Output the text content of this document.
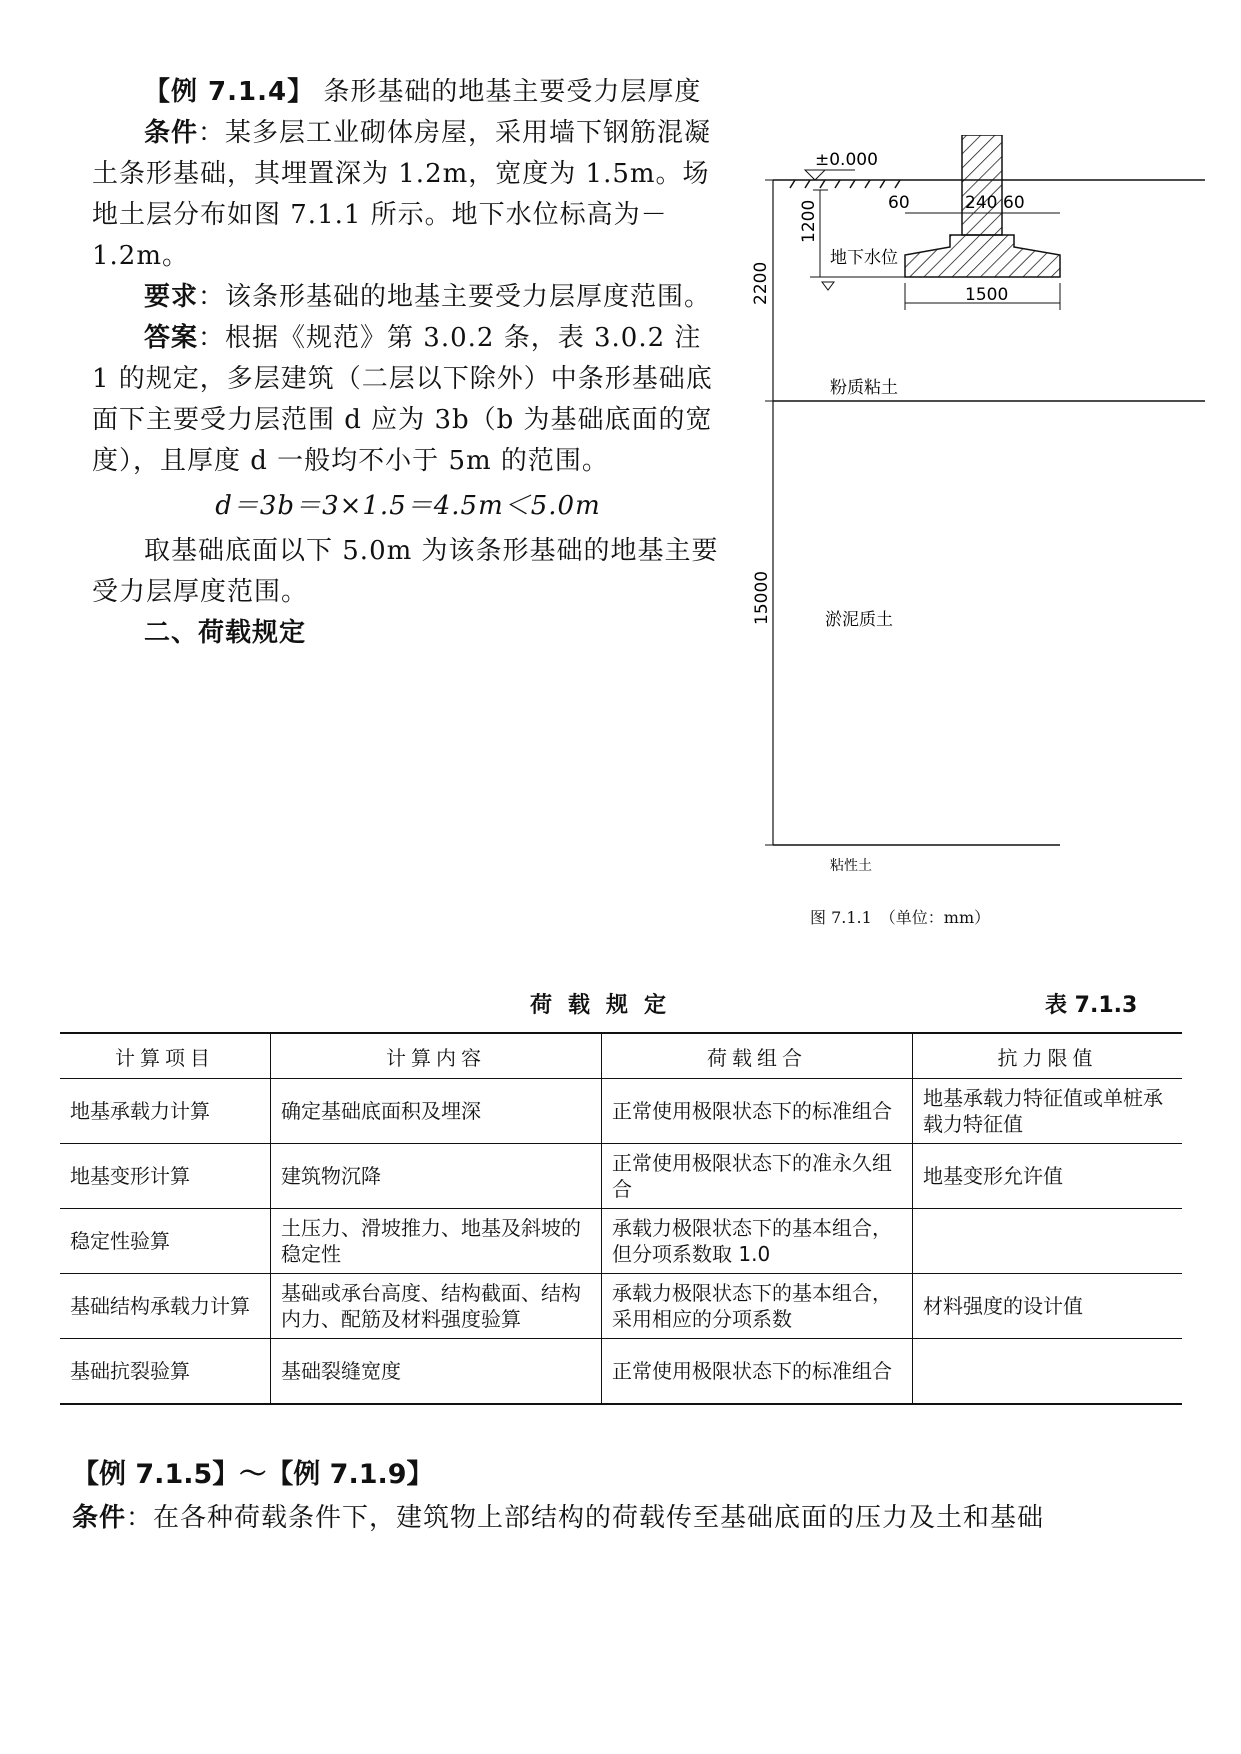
【例 7.1.4】 条形基础的地基主要受力层厚度
条件：某多层工业砌体房屋，采用墙下钢筋混凝土条形基础，其埋置深为 1.2m，宽度为 1.5m。场地土层分布如图 7.1.1 所示。地下水位标高为－1.2m。
要求：该条形基础的地基主要受力层厚度范围。
答案：根据《规范》第 3.0.2 条，表 3.0.2 注 1 的规定，多层建筑（二层以下除外）中条形基础底面下主要受力层范围 d 应为 3b（b 为基础底面的宽度），且厚度 d 一般均不小于 5m 的范围。
d＝3b＝3×1.5＝4.5m＜5.0m
取基础底面以下 5.0m 为该条形基础的地基主要受力层厚度范围。
二、荷载规定
±0.000
1200
2200
60	240 60
地下水位
1500
粉质粘土
15000	淤泥质土
粘性土
图 7.1.1　（单位：mm）
荷载规定	表 7.1.3
计算项目	计算内容	荷载组合	抗力限值
地基承载力计算	确定基础底面积及埋深	正常使用极限状态下的标准组合	地基承载力特征值或单桩承载力特征值
地基变形计算	建筑物沉降	正常使用极限状态下的准永久组合	地基变形允许值
稳定性验算	土压力、滑坡推力、地基及斜坡的稳定性	承载力极限状态下的基本组合，但分项系数取 1.0	
基础结构承载力计算	基础或承台高度、结构截面、结构内力、配筋及材料强度验算	承载力极限状态下的基本组合，采用相应的分项系数	材料强度的设计值
基础抗裂验算	基础裂缝宽度	正常使用极限状态下的标准组合	
【例 7.1.5】～【例 7.1.9】
条件：在各种荷载条件下，建筑物上部结构的荷载传至基础底面的压力及土和基础
